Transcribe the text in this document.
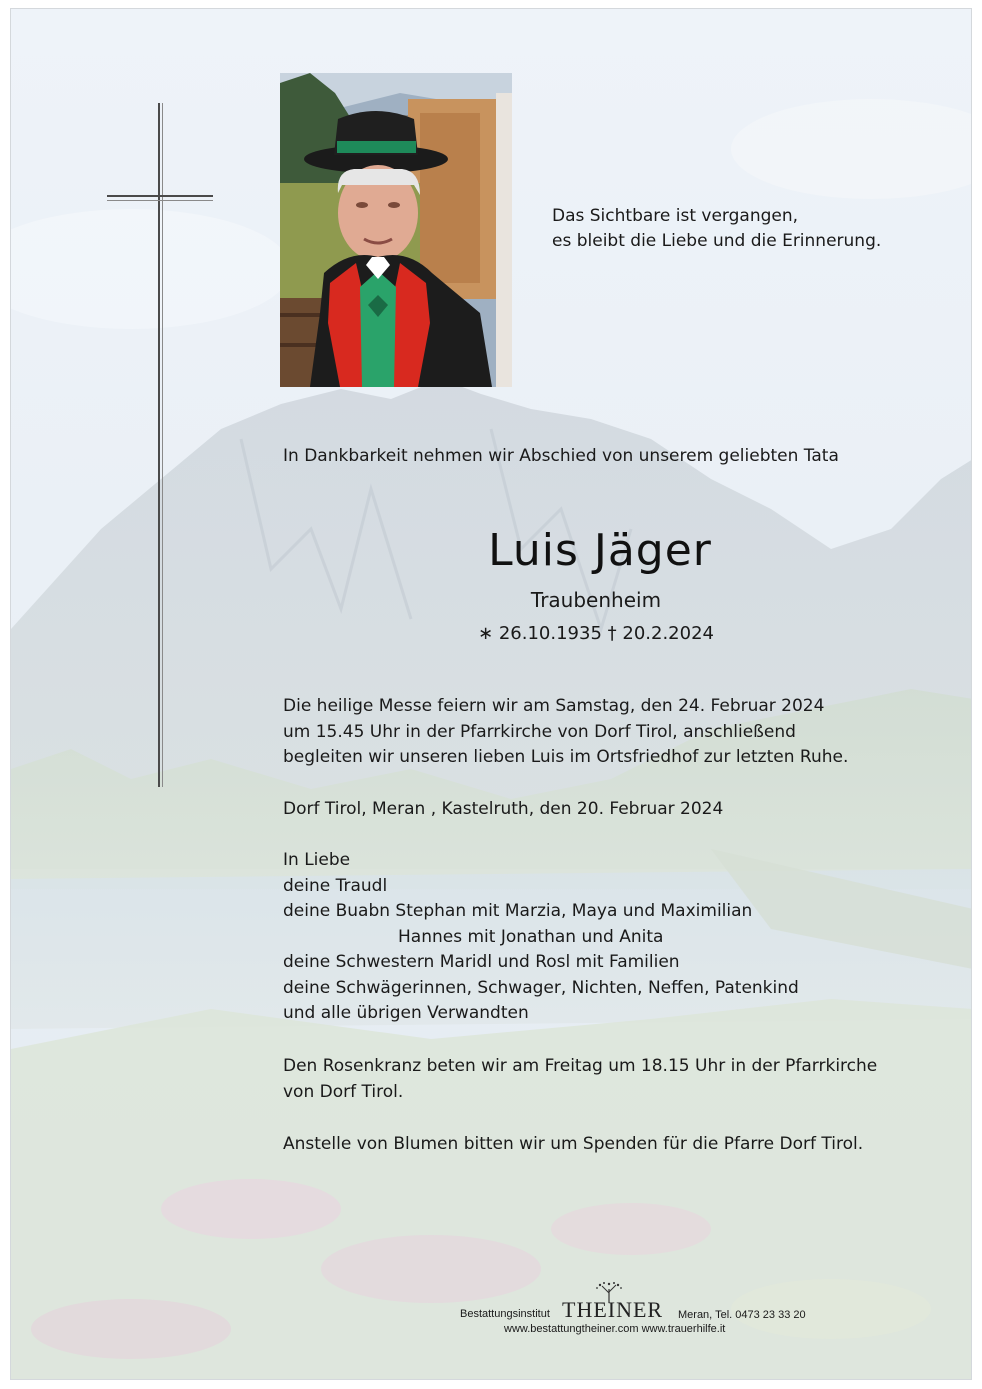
Das Sichtbare ist vergangen,
es bleibt die Liebe und die Erinnerung.
In Dankbarkeit nehmen wir Abschied von unserem geliebten Tata
Luis Jäger
Traubenheim
∗ 26.10.1935 † 20.2.2024
Die heilige Messe feiern wir am Samstag, den 24. Februar 2024
um 15.45 Uhr in der Pfarrkirche von Dorf Tirol, anschließend
begleiten wir unseren lieben Luis im Ortsfriedhof zur letzten Ruhe.
Dorf Tirol, Meran , Kastelruth, den 20. Februar 2024
In Liebe
deine Traudl
deine Buabn Stephan mit Marzia, Maya und Maximilian
Hannes mit Jonathan und Anita
deine Schwestern Maridl und Rosl mit Familien
deine Schwägerinnen, Schwager, Nichten, Neffen, Patenkind
und alle übrigen Verwandten
Den Rosenkranz beten wir am Freitag um 18.15 Uhr in der Pfarrkirche
von Dorf Tirol.
Anstelle von Blumen bitten wir um Spenden für die Pfarre Dorf Tirol.
Bestattungsinstitut THEINER Meran, Tel. 0473 23 33 20
www.bestattungtheiner.com www.trauerhilfe.it
